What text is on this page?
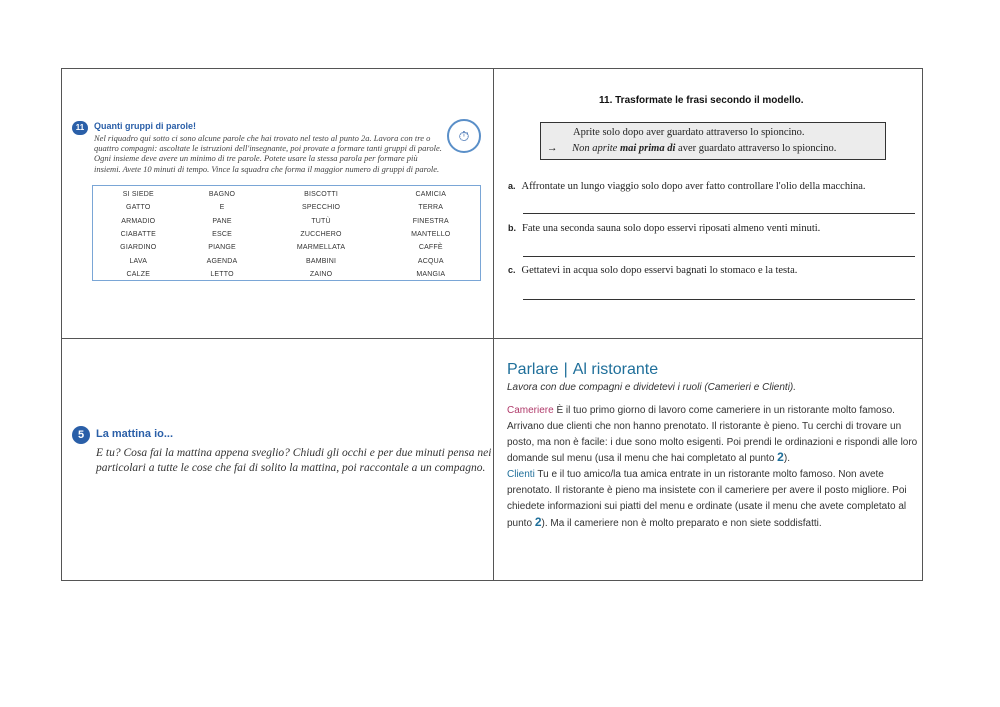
11	Quanti gruppi di parole!
Nel riquadro qui sotto ci sono alcune parole che hai trovato nel testo al punto 2a. Lavora con tre o quattro compagni: ascoltate le istruzioni dell'insegnante, poi provate a formare tanti gruppi di parole. Ogni insieme deve avere un minimo di tre parole. Potete usare la stessa parola per formare più insiemi. Avete 10 minuti di tempo. Vince la squadra che forma il maggior numero di gruppi di parole.
⏱
SI SIEDE	BAGNO	BISCOTTI	CAMICIA
GATTO	E	SPECCHIO	TERRA
ARMADIO	PANE	TUTÙ	FINESTRA
CIABATTE	ESCE	ZUCCHERO	MANTELLO
GIARDINO	PIANGE	MARMELLATA	CAFFÈ
LAVA	AGENDA	BAMBINI	ACQUA
CALZE	LETTO	ZAINO	MANGIA
11. Trasformate le frasi secondo il modello.
Aprite solo dopo aver guardato attraverso lo spioncino.
→ Non aprite mai prima di aver guardato attraverso lo spioncino.
a. Affrontate un lungo viaggio solo dopo aver fatto controllare l'olio della macchina.
b. Fate una seconda sauna solo dopo esservi riposati almeno venti minuti.
c. Gettatevi in acqua solo dopo esservi bagnati lo stomaco e la testa.
5	La mattina io...
E tu? Cosa fai la mattina appena sveglio? Chiudi gli occhi e per due minuti pensa nei particolari a tutte le cose che fai di solito la mattina, poi raccontale a un compagno.
Parlare | Al ristorante
Lavora con due compagni e dividetevi i ruoli (Camerieri e Clienti).
Cameriere È il tuo primo giorno di lavoro come cameriere in un ristorante molto famoso. Arrivano due clienti che non hanno prenotato. Il ristorante è pieno. Tu cerchi di trovare un posto, ma non è facile: i due sono molto esigenti. Poi prendi le ordinazioni e rispondi alle loro domande sul menu (usa il menu che hai completato al punto 2).
Clienti Tu e il tuo amico/la tua amica entrate in un ristorante molto famoso. Non avete prenotato. Il ristorante è pieno ma insistete con il cameriere per avere il posto migliore. Poi chiedete informazioni sui piatti del menu e ordinate (usate il menu che avete completato al punto 2). Ma il cameriere non è molto preparato e non siete soddisfatti.
